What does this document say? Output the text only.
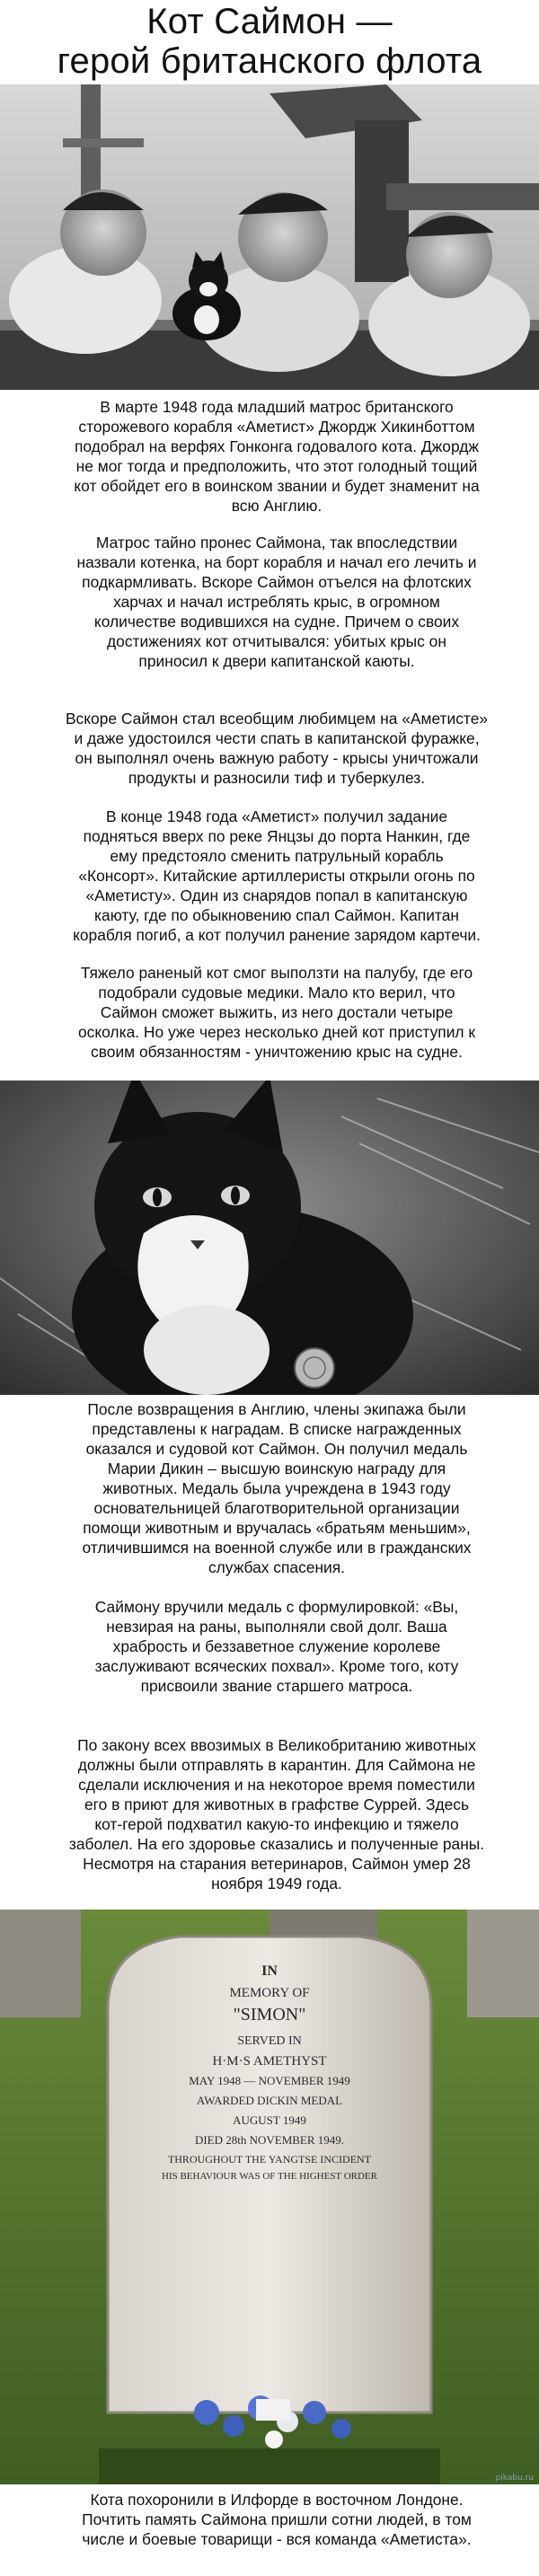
Кот Саймон —
герой британского флота

В марте 1948 года младший матрос британского
сторожевого корабля «Аметист» Джордж Хикинботтом
подобрал на верфях Гонконга годовалого кота. Джордж
не мог тогда и предположить, что этот голодный тощий
кот обойдет его в воинском звании и будет знаменит на
всю Англию.

Матрос тайно пронес Саймона, так впоследствии
назвали котенка, на борт корабля и начал его лечить и
подкармливать. Вскоре Саймон отъелся на флотских
харчах и начал истреблять крыс, в огромном
количестве водившихся на судне. Причем о своих
достижениях кот отчитывался: убитых крыс он
приносил к двери капитанской каюты.

Вскоре Саймон стал всеобщим любимцем на «Аметисте»
и даже удостоился чести спать в капитанской фуражке,
он выполнял очень важную работу - крысы уничтожали
продукты и разносили тиф и туберкулез.

В конце 1948 года «Аметист» получил задание
подняться вверх по реке Янцзы до порта Нанкин, где
ему предстояло сменить патрульный корабль
«Консорт». Китайские артиллеристы открыли огонь по
«Аметисту». Один из снарядов попал в капитанскую
каюту, где по обыкновению спал Саймон. Капитан
корабля погиб, а кот получил ранение зарядом картечи.

Тяжело раненый кот смог выползти на палубу, где его
подобрали судовые медики. Мало кто верил, что
Саймон сможет выжить, из него достали четыре
осколка. Но уже через несколько дней кот приступил к
своим обязанностям - уничтожению крыс на судне.

После возвращения в Англию, члены экипажа были
представлены к наградам. В списке награжденных
оказался и судовой кот Саймон. Он получил медаль
Марии Дикин – высшую воинскую награду для
животных. Медаль была учреждена в 1943 году
основательницей благотворительной организации
помощи животным и вручалась «братьям меньшим»,
отличившимся на военной службе или в гражданских
службах спасения.

Саймону вручили медаль с формулировкой: «Вы,
невзирая на раны, выполняли свой долг. Ваша
храбрость и беззаветное служение королеве
заслуживают всяческих похвал». Кроме того, коту
присвоили звание старшего матроса.

По закону всех ввозимых в Великобританию животных
должны были отправлять в карантин. Для Саймона не
сделали исключения и на некоторое время поместили
его в приют для животных в графстве Суррей. Здесь
кот-герой подхватил какую-то инфекцию и тяжело
заболел. На его здоровье сказались и полученные раны.
Несмотря на старания ветеринаров, Саймон умер 28
ноября 1949 года.

IN
MEMORY OF
"SIMON"
SERVED IN
H·M·S AMETHYST
MAY 1948 — NOVEMBER 1949
AWARDED DICKIN MEDAL
AUGUST 1949
DIED 28th NOVEMBER 1949.
THROUGHOUT THE YANGTSE INCIDENT
HIS BEHAVIOUR WAS OF THE HIGHEST ORDER
pikabu.ru

Кота похоронили в Илфорде в восточном Лондоне.
Почтить память Саймона пришли сотни людей, в том
числе и боевые товарищи - вся команда «Аметиста».
